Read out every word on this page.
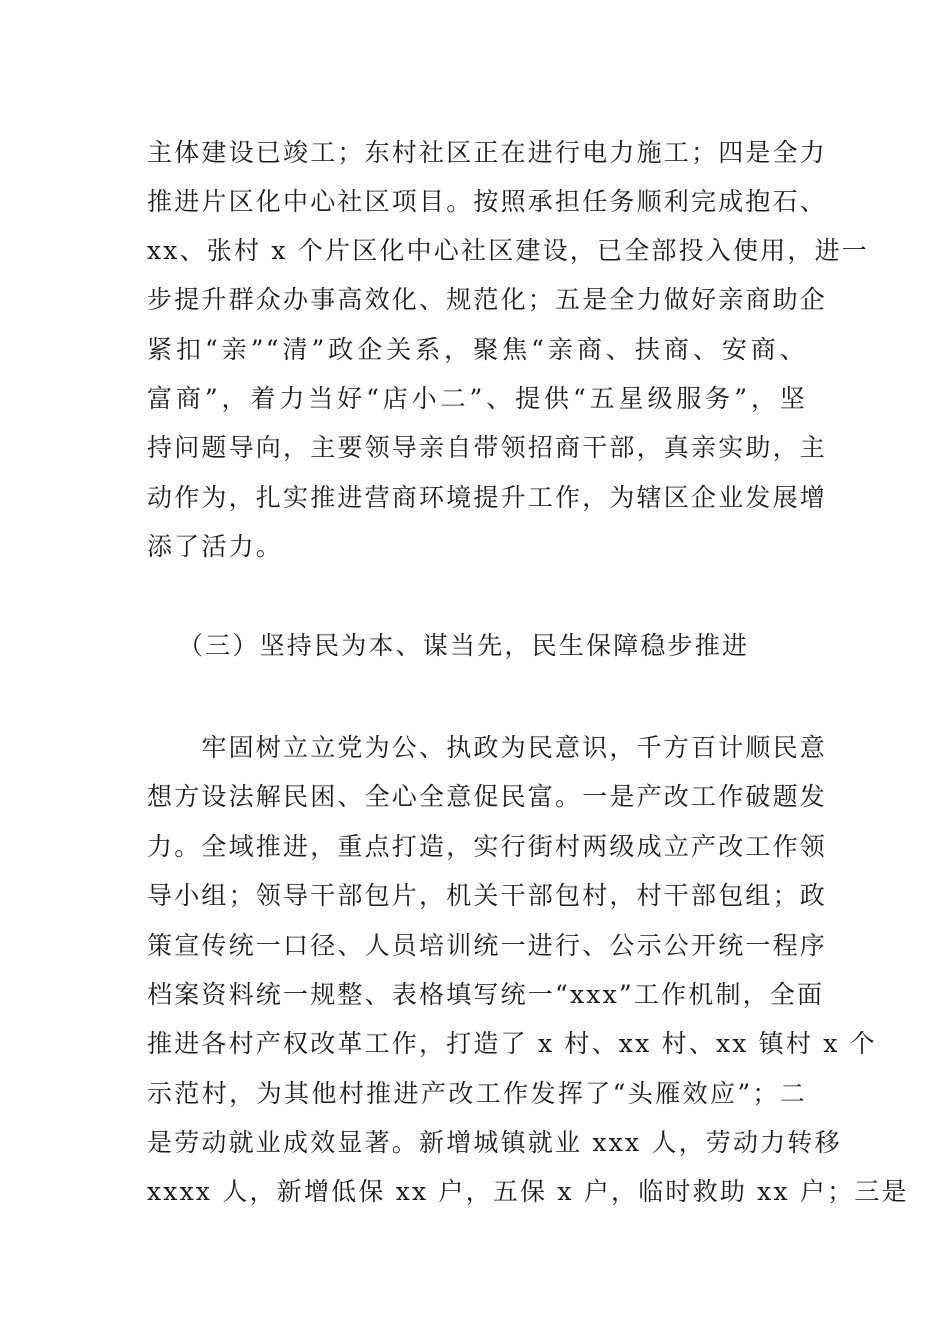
主体建设已竣工；东村社区正在进行电力施工；四是全力
推进片区化中心社区项目。按照承担任务顺利完成抱石、
xx、张村 x 个片区化中心社区建设，已全部投入使用，进一
步提升群众办事高效化、规范化；五是全力做好亲商助企
紧扣“亲”“清”政企关系，聚焦“亲商、扶商、安商、
富商”，着力当好“店小二”、提供“五星级服务”，坚
持问题导向，主要领导亲自带领招商干部，真亲实助，主
动作为，扎实推进营商环境提升工作，为辖区企业发展增
添了活力。
（三）坚持民为本、谋当先，民生保障稳步推进
　　牢固树立立党为公、执政为民意识，千方百计顺民意
想方设法解民困、全心全意促民富。一是产改工作破题发
力。全域推进，重点打造，实行街村两级成立产改工作领
导小组；领导干部包片，机关干部包村，村干部包组；政
策宣传统一口径、人员培训统一进行、公示公开统一程序
档案资料统一规整、表格填写统一“xxx”工作机制，全面
推进各村产权改革工作，打造了 x 村、xx 村、xx 镇村 x 个
示范村，为其他村推进产改工作发挥了“头雁效应”；二
是劳动就业成效显著。新增城镇就业 xxx 人，劳动力转移
xxxx 人，新增低保 xx 户，五保 x 户，临时救助 xx 户；三是
